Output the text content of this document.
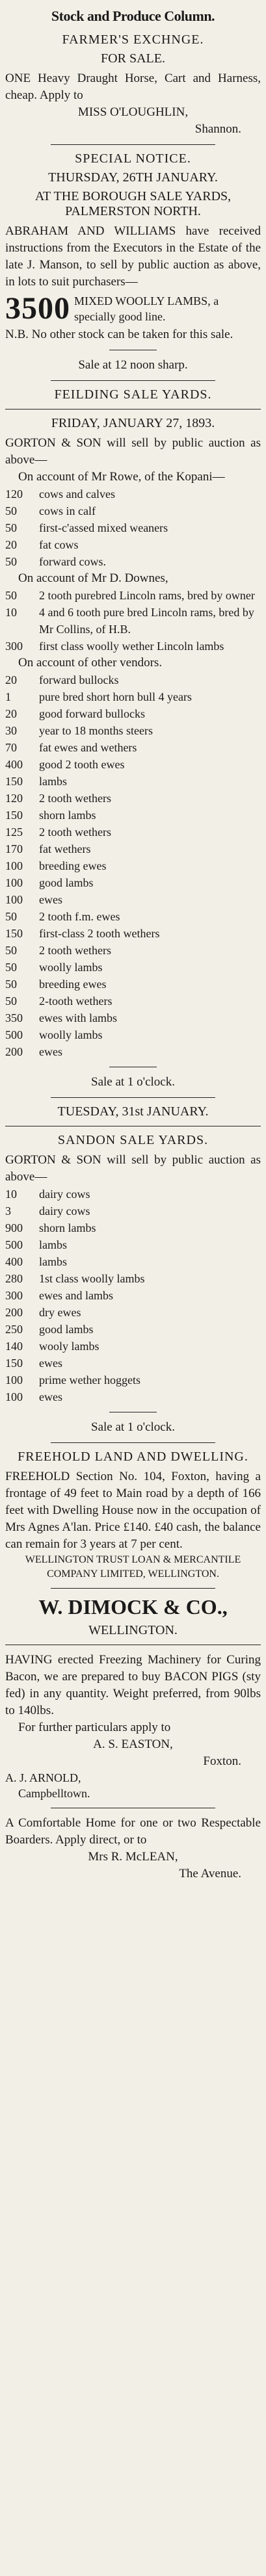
Stock and Produce Column.
FARMER'S EXCHNGE.
FOR SALE.

ONE Heavy Draught Horse, Cart and Harness, cheap. Apply to

MISS O'LOUGHLIN,

Shannon.

SPECIAL NOTICE.
THURSDAY, 26TH JANUARY.
AT THE BOROUGH SALE YARDS, PALMERSTON NORTH.

ABRAHAM AND WILLIAMS have received instructions from the Executors in the Estate of the late J. Manson, to sell by public auction as above, in lots to suit purchasers—

3500 MIXED WOOLLY LAMBS, a specially good line.

N.B. No other stock can be taken for this sale.

Sale at 12 noon sharp.

FEILDING SALE YARDS.
FRIDAY, JANUARY 27, 1893.

GORTON & SON will sell by public auction as above—

On account of Mr Rowe, of the Kopani—

120	cows and calves
50	cows in calf
50	first-c'assed mixed weaners
20	fat cows
50	forward cows.

On account of Mr D. Downes,

50	2 tooth purebred Lincoln rams, bred by owner
10	4 and 6 tooth pure bred Lincoln rams, bred by Mr Collins, of H.B.
300	first class woolly wether Lincoln lambs

On account of other vendors.

20	forward bullocks
1	pure bred short horn bull 4 years
20	good forward bullocks
30	year to 18 months steers
70	fat ewes and wethers
400	good 2 tooth ewes
150	lambs
120	2 tooth wethers
150	shorn lambs
125	2 tooth wethers
170	fat wethers
100	breeding ewes
100	good lambs
100	ewes
50	2 tooth f.m. ewes
150	first-class 2 tooth wethers
50	2 tooth wethers
50	woolly lambs
50	breeding ewes
50	2-tooth wethers
350	ewes with lambs
500	woolly lambs
200	ewes

Sale at 1 o'clock.

TUESDAY, 31st JANUARY.
SANDON SALE YARDS.

GORTON & SON will sell by public auction as above—

10	dairy cows
3	dairy cows
900	shorn lambs
500	lambs
400	lambs
280	1st class woolly lambs
300	ewes and lambs
200	dry ewes
250	good lambs
140	wooly lambs
150	ewes
100	prime wether hoggets
100	ewes

Sale at 1 o'clock.

FREEHOLD LAND AND DWELLING.

FREEHOLD Section No. 104, Foxton, having a frontage of 49 feet to Main road by a depth of 166 feet with Dwelling House now in the occupation of Mrs Agnes A'lan. Price £140. £40 cash, the balance can remain for 3 years at 7 per cent.

WELLINGTON TRUST LOAN & MERCANTILE COMPANY LIMITED, WELLINGTON.

W. DIMOCK & CO.,
WELLINGTON.

HAVING erected Freezing Machinery for Curing Bacon, we are prepared to buy BACON PIGS (sty fed) in any quantity. Weight preferred, from 90lbs to 140lbs.

For further particulars apply to

A. S. EASTON,

Foxton.

A. J. ARNOLD,

Campbelltown.

A Comfortable Home for one or two Respectable Boarders. Apply direct, or to

Mrs R. McLEAN,

The Avenue.
